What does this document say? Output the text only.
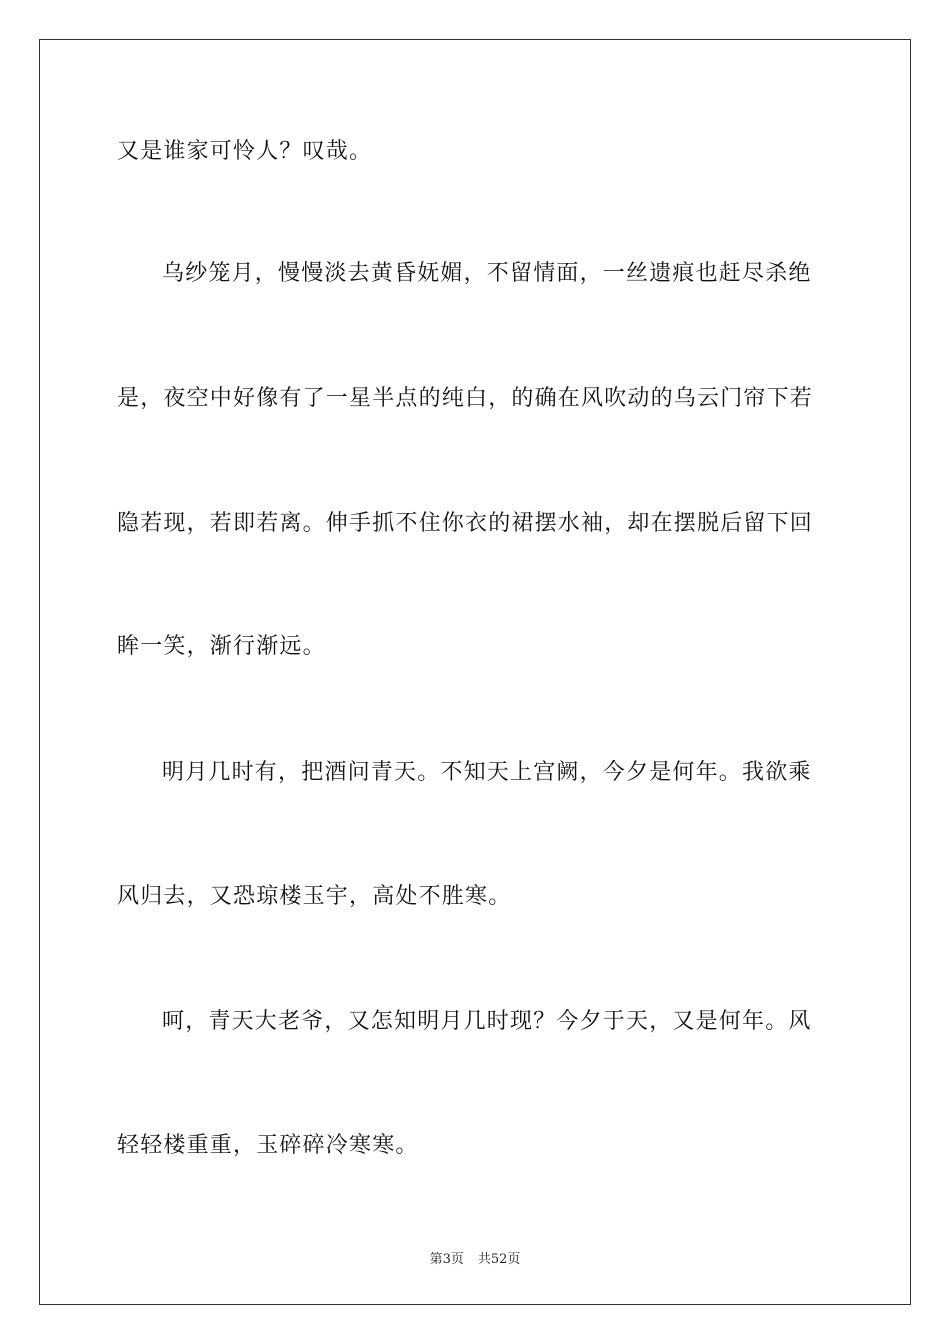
又是谁家可怜人？叹哉。
乌纱笼月，慢慢淡去黄昏妩媚，不留情面，一丝遗痕也赶尽杀绝
是，夜空中好像有了一星半点的纯白，的确在风吹动的乌云门帘下若
隐若现，若即若离。伸手抓不住你衣的裙摆水袖，却在摆脱后留下回
眸一笑，渐行渐远。
明月几时有，把酒问青天。不知天上宫阙，今夕是何年。我欲乘
风归去，又恐琼楼玉宇，高处不胜寒。
呵，青天大老爷，又怎知明月几时现？今夕于天，又是何年。风
轻轻楼重重，玉碎碎冷寒寒。
第3页 共52页
